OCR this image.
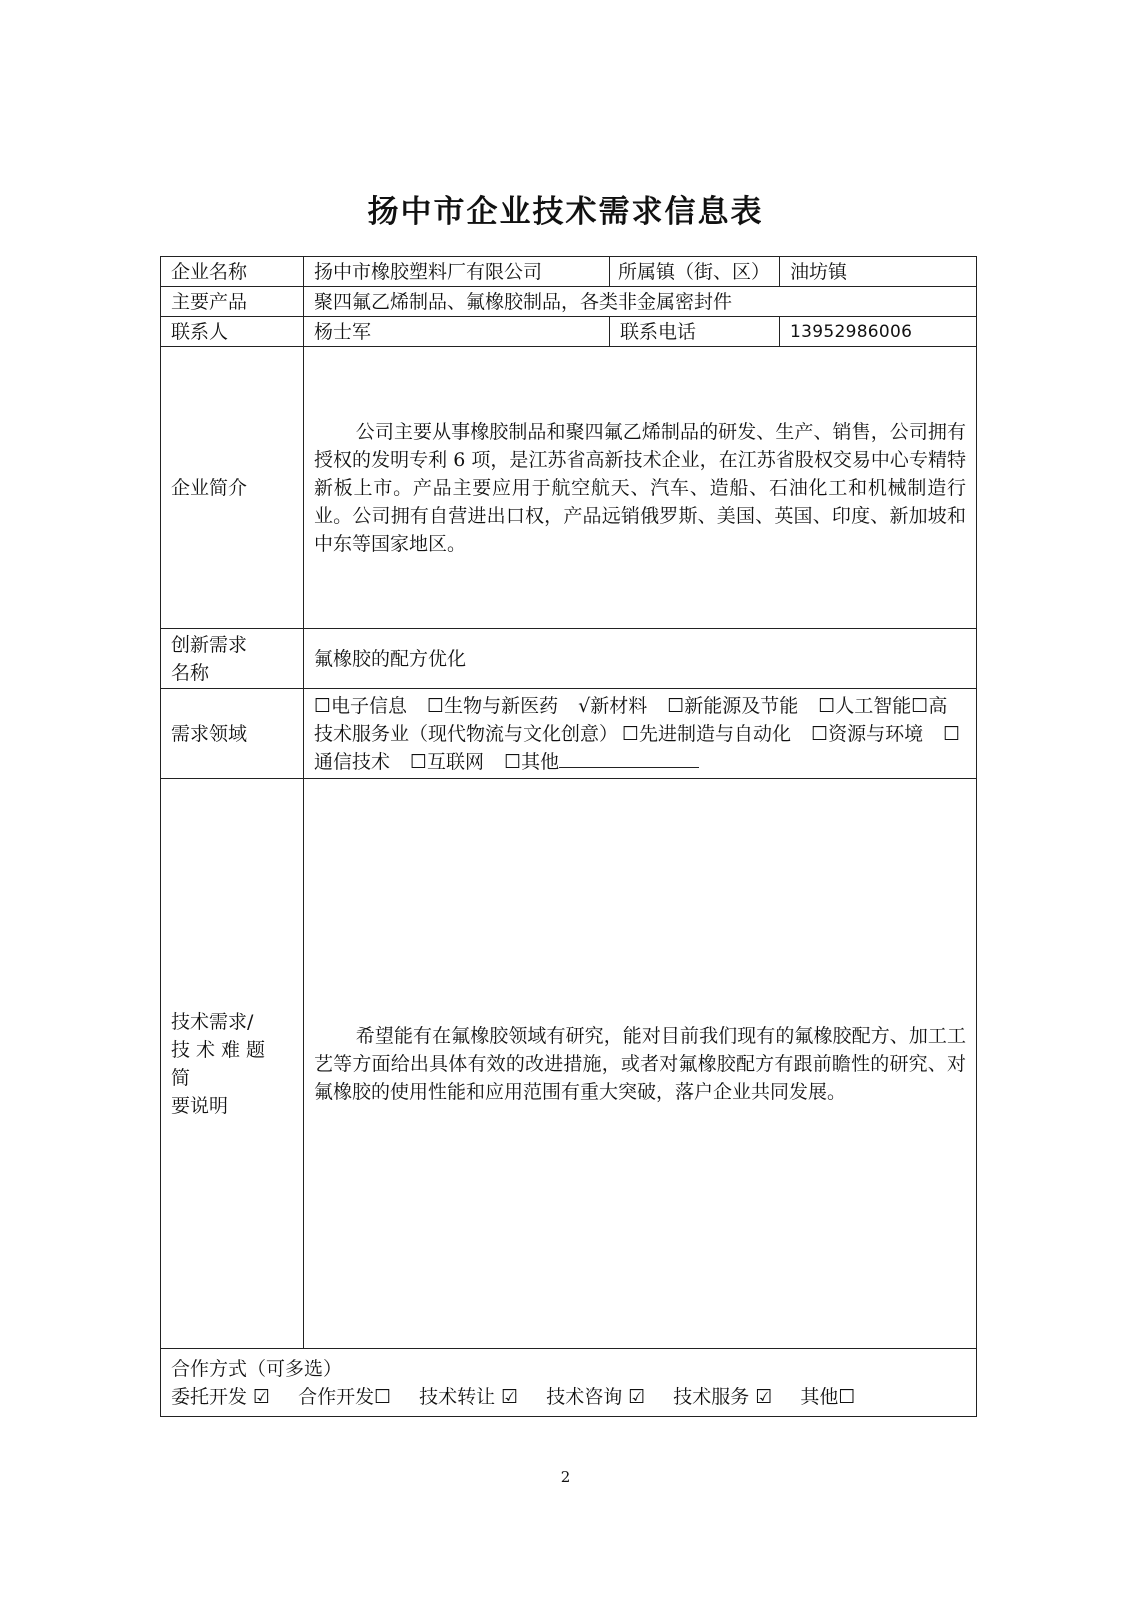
扬中市企业技术需求信息表
企业名称	扬中市橡胶塑料厂有限公司	所属镇（街、区）	油坊镇
主要产品	聚四氟乙烯制品、氟橡胶制品，各类非金属密封件		
联系人	杨士军	联系电话	13952986006
企业简介	公司主要从事橡胶制品和聚四氟乙烯制品的研发、生产、销售，公司拥有授权的发明专利 6 项，是江苏省高新技术企业，在江苏省股权交易中心专精特新板上市。产品主要应用于航空航天、汽车、造船、石油化工和机械制造行业。公司拥有自营进出口权，产品远销俄罗斯、美国、英国、印度、新加坡和中东等国家地区。		

创新需求
名称	氟橡胶的配方优化		
需求领域	☐电子信息 ☐生物与新医药 √新材料 ☐新能源及节能 ☐人工智能☐高技术服务业（现代物流与文化创意） ☐先进制造与自动化 ☐资源与环境 ☐通信技术 ☐互联网 ☐其他		

技术需求/
技术难题简
要说明	希望能有在氟橡胶领域有研究，能对目前我们现有的氟橡胶配方、加工工艺等方面给出具体有效的改进措施，或者对氟橡胶配方有跟前瞻性的研究、对氟橡胶的使用性能和应用范围有重大突破，落户企业共同发展。		

合作方式（可多选）
委托开发 ☑ 合作开发☐ 技术转让 ☑ 技术咨询 ☑ 技术服务 ☑ 其他☐			
2
